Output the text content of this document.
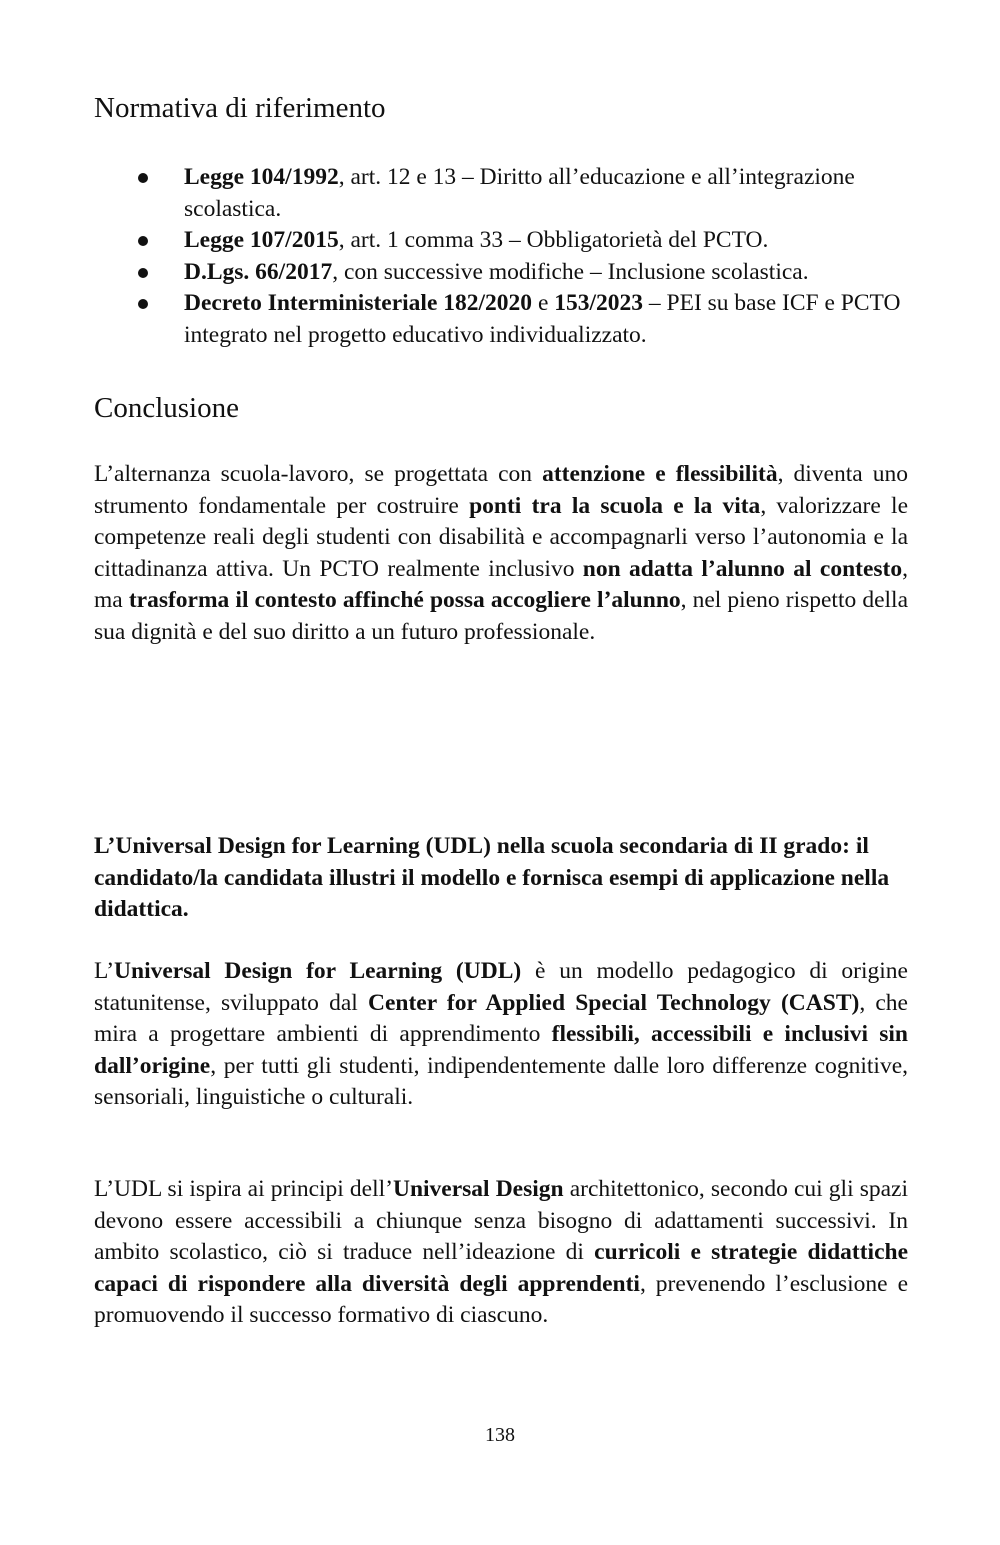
Normativa di riferimento
Legge 104/1992, art. 12 e 13 – Diritto all’educazione e all’integrazione scolastica.
Legge 107/2015, art. 1 comma 33 – Obbligatorietà del PCTO.
D.Lgs. 66/2017, con successive modifiche – Inclusione scolastica.
Decreto Interministeriale 182/2020 e 153/2023 – PEI su base ICF e PCTO integrato nel progetto educativo individualizzato.
Conclusione

L’alternanza scuola-lavoro, se progettata con attenzione e flessibilità, diventa uno strumento fondamentale per costruire ponti tra la scuola e la vita, valorizzare le competenze reali degli studenti con disabilità e accompagnarli verso l’autonomia e la cittadinanza attiva. Un PCTO realmente inclusivo non adatta l’alunno al contesto, ma trasforma il contesto affinché possa accogliere l’alunno, nel pieno rispetto della sua dignità e del suo diritto a un futuro professionale.

L’Universal Design for Learning (UDL) nella scuola secondaria di II grado: il candidato/la candidata illustri il modello e fornisca esempi di applicazione nella didattica.

L’Universal Design for Learning (UDL) è un modello pedagogico di origine statunitense, sviluppato dal Center for Applied Special Technology (CAST), che mira a progettare ambienti di apprendimento flessibili, accessibili e inclusivi sin dall’origine, per tutti gli studenti, indipendentemente dalle loro differenze cognitive, sensoriali, linguistiche o culturali.

L’UDL si ispira ai principi dell’Universal Design architettonico, secondo cui gli spazi devono essere accessibili a chiunque senza bisogno di adattamenti successivi. In ambito scolastico, ciò si traduce nell’ideazione di curricoli e strategie didattiche capaci di rispondere alla diversità degli apprendenti, prevenendo l’esclusione e promuovendo il successo formativo di ciascuno.

138
